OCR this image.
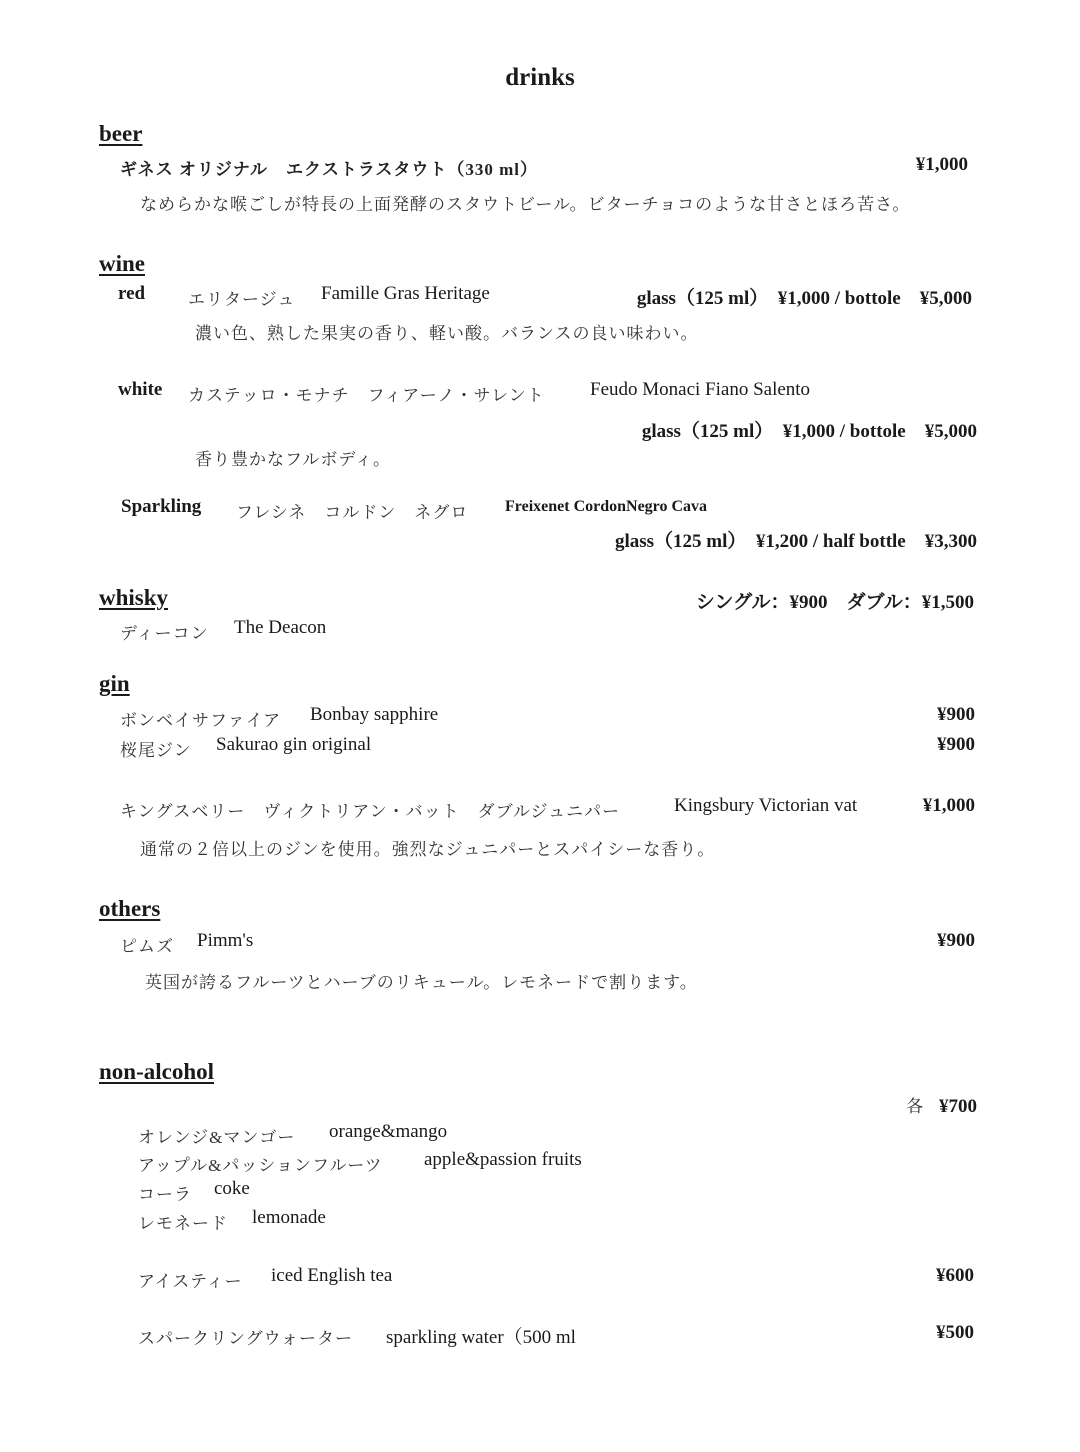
drinks
beer
ギネス オリジナル　エクストラスタウト（330 ml）	¥1,000
なめらかな喉ごしが特長の上面発酵のスタウトビール。ビターチョコのような甘さとほろ苦さ。
wine
red	エリタージュ Famille Gras Heritage	glass（125 ml）　¥1,000 / bottole　¥5,000
濃い色、熟した果実の香り、軽い酸。バランスの良い味わい。
white カステッロ・モナチ　フィアーノ・サレント Feudo Monaci Fiano Salento
glass（125 ml）　¥1,000 / bottole　¥5,000
香り豊かなフルボディ。
Sparkling フレシネ　コルドン　ネグロ Freixenet CordonNegro Cava
glass（125 ml）　¥1,200 / half bottle　¥3,300
whisky	シングル：¥900　ダブル：¥1,500
ディーコン The Deacon
gin
ボンベイサファイア Bonbay sapphire	¥900
桜尾ジン Sakurao gin original	¥900
キングスベリー　ヴィクトリアン・バット　ダブルジュニパー	Kingsbury Victorian vat	¥1,000
通常の２倍以上のジンを使用。強烈なジュニパーとスパイシーな香り。
others
ピムズ Pimm's	¥900
英国が誇るフルーツとハーブのリキュール。レモネードで割ります。
non-alcohol
各 ¥700
オレンジ&マンゴー orange&mango
アップル&パッションフルーツ apple&passion fruits
コーラ coke
レモネード lemonade
アイスティー iced English tea	¥600
スパークリングウォーター sparkling water（500 ml	¥500
